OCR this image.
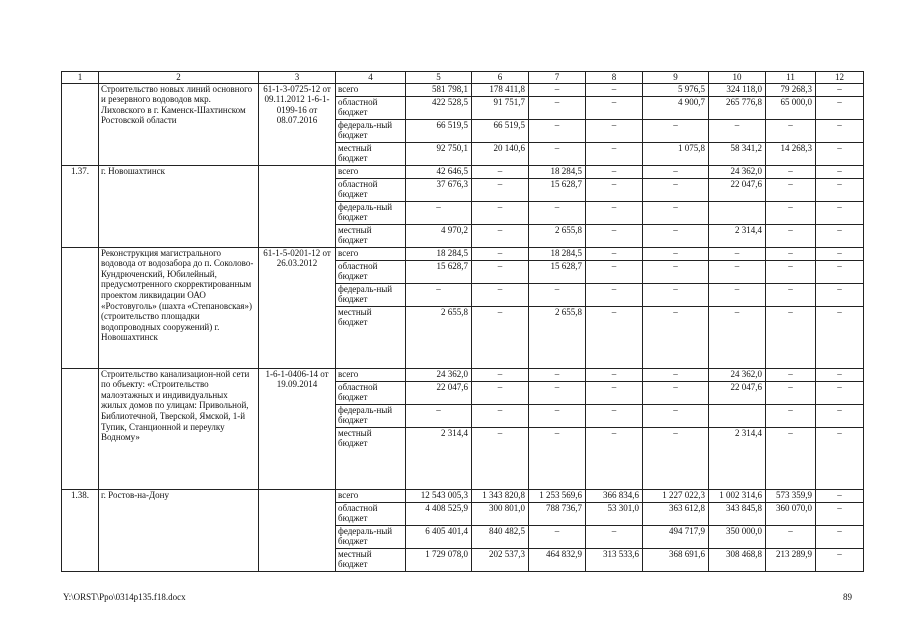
1	2	3	4	5	6	7	8	9	10	11	12
	Строительство новых линий основного и резервного водоводов мкр. Лиховского в г. Каменск-Шахтинском Ростовской области	61-1-3-0725-12 от 09.11.2012 1-6-1-0199-16 от 08.07.2016	всего	581 798,1	178 411,8	–	–	5 976,5	324 118,0	79 268,3	–
			областной бюджет	422 528,5	91 751,7	–	–	4 900,7	265 776,8	65 000,0	–
			федераль-ный бюджет	66 519,5	66 519,5	–	–	–	–	–	–
			местный бюджет	92 750,1	20 140,6	–	–	1 075,8	58 341,2	14 268,3	–
1.37.	г. Новошахтинск		всего	42 646,5	–	18 284,5	–	–	24 362,0	–	–
			областной бюджет	37 676,3	–	15 628,7	–	–	22 047,6	–	–
			федераль-ный бюджет	–	–	–	–	–		–	–
			местный бюджет	4 970,2	–	2 655,8	–	–	2 314,4	–	–
	Реконструкция магистрального водовода от водозабора до п. Соколово-Кундрюченский, Юбилейный, предусмотренного скорректированным проектом ликвидации ОАО «Ростовуголь» (шахта «Степановская») (строительство площадки водопроводных сооружений) г. Новошахтинск	61-1-5-0201-12 от 26.03.2012	всего	18 284,5	–	18 284,5	–	–	–	–	–
			областной бюджет	15 628,7	–	15 628,7	–	–	–	–	–
			федераль-ный бюджет	–	–	–	–	–	–	–	–
			местный бюджет	2 655,8	–	2 655,8	–	–	–	–	–
	Строительство канализацион-ной сети по объекту: «Строительство малоэтажных и индивидуальных жилых домов по улицам: Привольной, Библиотечной, Тверской, Ямской, 1-й Тупик, Станционной и переулку Водному»	1-6-1-0406-14 от 19.09.2014	всего	24 362,0	–	–	–	–	24 362,0	–	–
			областной бюджет	22 047,6	–	–	–	–	22 047,6	–	–
			федераль-ный бюджет	–	–	–	–	–		–	–
			местный бюджет	2 314,4	–	–	–	–	2 314,4	–	–
1.38.	г. Ростов-на-Дону		всего	12 543 005,3	1 343 820,8	1 253 569,6	366 834,6	1 227 022,3	1 002 314,6	573 359,9	–
			областной бюджет	4 408 525,9	300 801,0	788 736,7	53 301,0	363 612,8	343 845,8	360 070,0	–
			федераль-ный бюджет	6 405 401,4	840 482,5	–	–	494 717,9	350 000,0	–	–
			местный бюджет	1 729 078,0	202 537,3	464 832,9	313 533,6	368 691,6	308 468,8	213 289,9	–
Y:\ORST\Ppo\0314p135.f18.docx	89
